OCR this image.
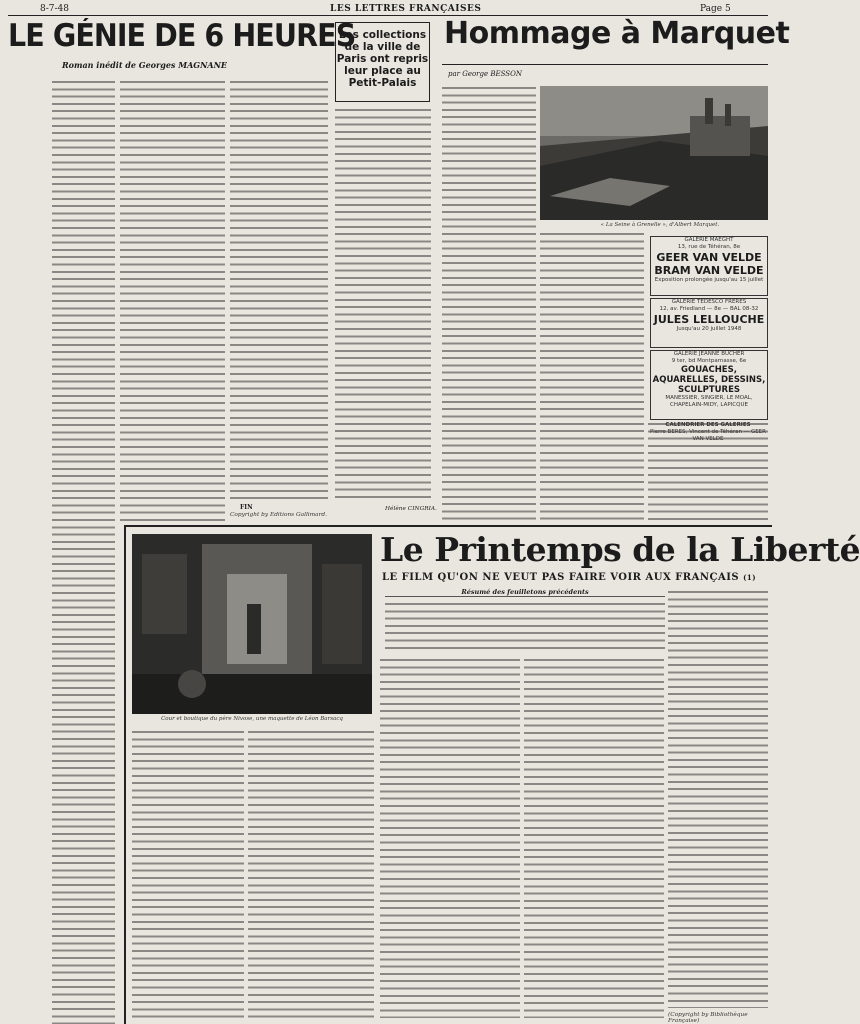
8-7-48	LES LETTRES FRANÇAISES	Page 5
LE GÉNIE DE 6 HEURES
Roman inédit de Georges MAGNANE
FIN
Copyright by Editions Gallimard.
Les collections de la ville de Paris ont repris leur place au Petit-Palais
Hélène CINGRIA.
Hommage à Marquet
par George BESSON
« La Seine à Grenelle », d'Albert Marquet.
GALERIE MAEGHT
13, rue de Téhéran, 8e
GEER VAN VELDE
BRAM VAN VELDE
Exposition prolongée jusqu'au 15 juillet
GALERIE TEDESCO FRÈRES
12, av. Friedland — 8e — BAL 08-32
JULES LELLOUCHE
Jusqu'au 20 juillet 1948
GALERIE JEANNE BUCHER
9 ter, bd Montparnasse, 6e
GOUACHES, AQUARELLES, DESSINS, SCULPTURES
MANESSIER, SINGIER, LE MOAL, CHAPELAIN-MIDY, LAPICQUE
CALENDRIER DES GALERIES
Pierre BERES, Vincent de Téhéran — GEER VAN VELDE
Cour et boutique du père Nivose, une maquette de Léon Barsacq
Le Printemps de la Liberté
LE FILM QU'ON NE VEUT PAS FAIRE VOIR AUX FRANÇAIS (1)
Résumé des feuilletons précédents
(Copyright by Bibliothèque Française)
